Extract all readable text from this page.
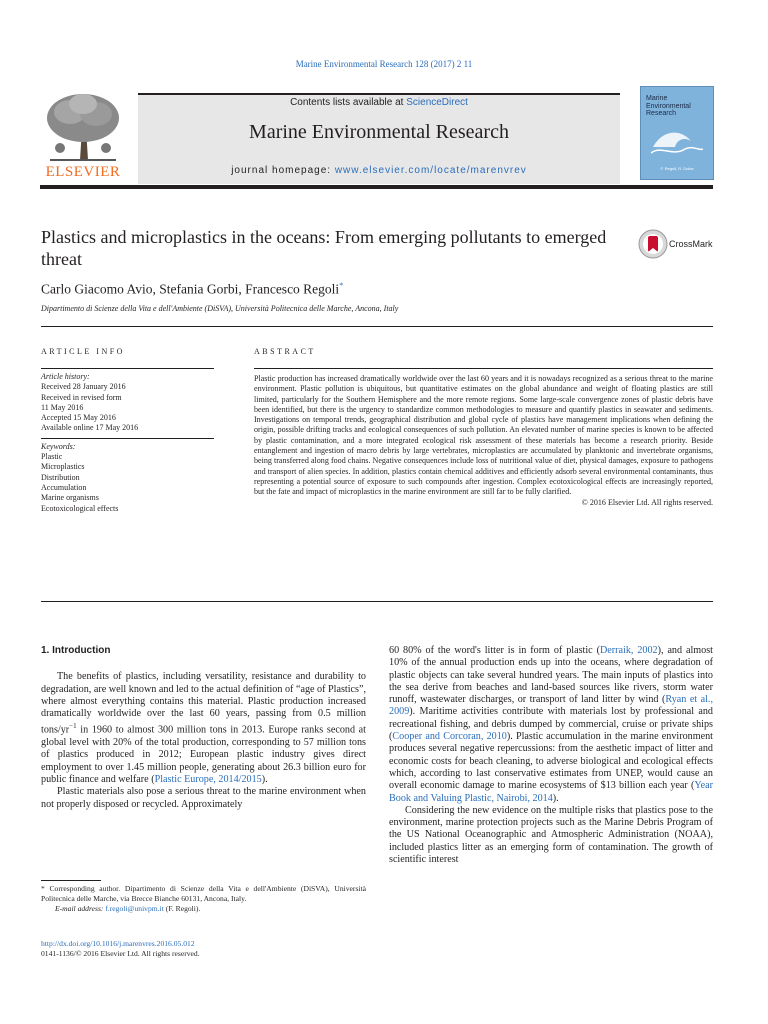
Marine Environmental Research 128 (2017) 2 11
ELSEVIER
Contents lists available at ScienceDirect
Marine Environmental Research
journal homepage: www.elsevier.com/locate/marenvrev
Marine
Environmental
Research
F. Regoli, R. Dolce
Plastics and microplastics in the oceans: From emerging pollutants to emerged threat
CrossMark
Carlo Giacomo Avio, Stefania Gorbi, Francesco Regoli*
Dipartimento di Scienze della Vita e dell'Ambiente (DiSVA), Università Politecnica delle Marche, Ancona, Italy
ARTICLE INFO	ABSTRACT
Article history:
Received 28 January 2016
Received in revised form
11 May 2016
Accepted 15 May 2016
Available online 17 May 2016
Keywords:
Plastic
Microplastics
Distribution
Accumulation
Marine organisms
Ecotoxicological effects
Plastic production has increased dramatically worldwide over the last 60 years and it is nowadays recognized as a serious threat to the marine environment. Plastic pollution is ubiquitous, but quantitative estimates on the global abundance and weight of floating plastics are still limited, particularly for the Southern Hemisphere and the more remote regions. Some large-scale convergence zones of plastic debris have been identified, but there is the urgency to standardize common methodologies to measure and quantify plastics in seawater and sediments. Investigations on temporal trends, geographical distribution and global cycle of plastics have management implications when defining the origin, possible drifting tracks and ecological consequences of such pollution. An elevated number of marine species is known to be affected by plastic contamination, and a more integrated ecological risk assessment of these materials has become a research priority. Beside entanglement and ingestion of macro debris by large vertebrates, microplastics are accumulated by planktonic and invertebrate organisms, being transferred along food chains. Negative consequences include loss of nutritional value of diet, physical damages, exposure to pathogens and transport of alien species. In addition, plastics contain chemical additives and efficiently adsorb several environmental contaminants, thus representing a potential source of exposure to such compounds after ingestion. Complex ecotoxicological effects are increasingly reported, but the fate and impact of microplastics in the marine environment are still far to be fully clarified.
© 2016 Elsevier Ltd. All rights reserved.
1. Introduction

The benefits of plastics, including versatility, resistance and durability to degradation, are well known and led to the actual definition of “age of Plastics”, where almost everything contains this material. Plastic production increased dramatically worldwide over the last 60 years, passing from 0.5 million tons/$yr^{-1}$ in 1960 to almost 300 million tons in 2013. Europe ranks second at global level with 20% of the total production, corresponding to 57 million tons of plastics produced in 2012; European plastic industry gives direct employment to over 1.45 million people, generating about 26.3 billion euro for public finance and welfare (Plastic Europe, 2014/2015).

Plastic materials also pose a serious threat to the marine environment when not properly disposed or recycled. Approximately

60 80% of the word's litter is in form of plastic (Derraik, 2002), and almost 10% of the annual production ends up into the oceans, where degradation of plastic objects can take several hundred years. The main inputs of plastics into the sea derive from beaches and land-based sources like rivers, storm water runoff, wastewater discharges, or transport of land litter by wind (Ryan et al., 2009). Maritime activities contribute with materials lost by professional and recreational fishing, and debris dumped by commercial, cruise or private ships (Cooper and Corcoran, 2010). Plastic accumulation in the marine environment produces several negative repercussions: from the aesthetic impact of litter and economic costs for beach cleaning, to adverse biological and ecological effects which, according to last conservative estimates from UNEP, would cause an overall economic damage to marine ecosystems of $13 billion each year (Year Book and Valuing Plastic, Nairobi, 2014).

Considering the new evidence on the multiple risks that plastics pose to the environment, marine protection projects such as the Marine Debris Program of the US National Oceanographic and Atmospheric Administration (NOAA), included plastics litter as an emerging form of contamination. The growth of scientific interest

* Corresponding author. Dipartimento di Scienze della Vita e dell'Ambiente (DiSVA), Università Politecnica delle Marche, via Brecce Bianche 60131, Ancona, Italy.
E-mail address: f.regoli@univpm.it (F. Regoli).
http://dx.doi.org/10.1016/j.marenvres.2016.05.012
0141-1136/© 2016 Elsevier Ltd. All rights reserved.
